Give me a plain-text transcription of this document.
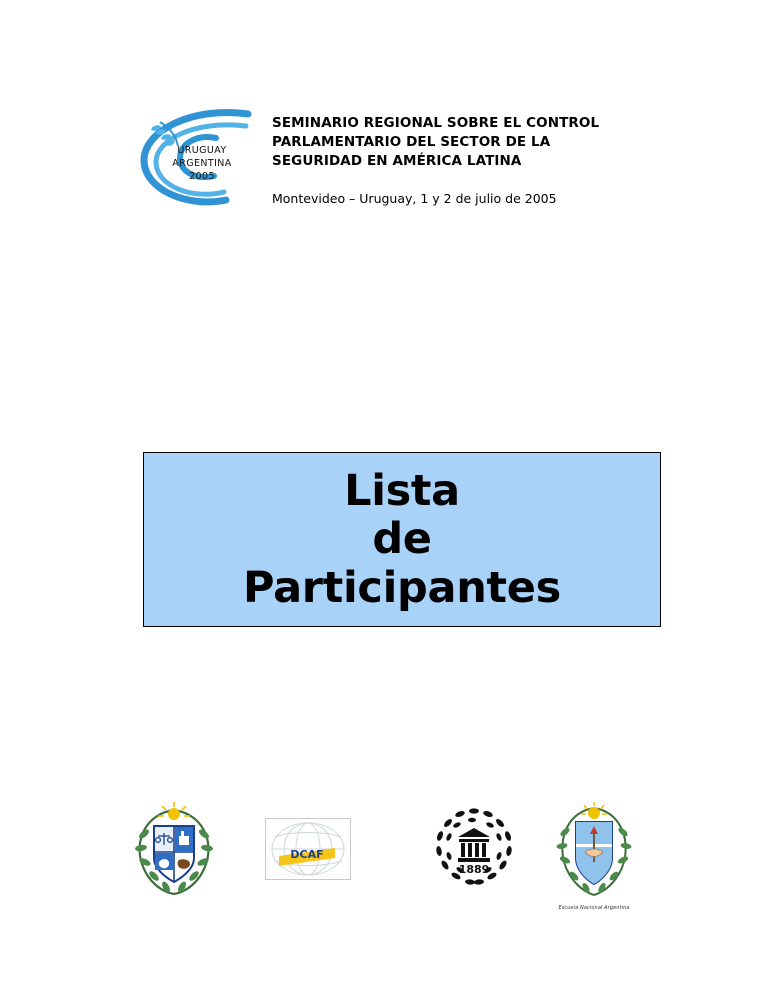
URUGUAY
ARGENTINA
2005
SEMINARIO REGIONAL SOBRE EL CONTROL PARLAMENTARIO DEL SECTOR DE LA SEGURIDAD EN AMÉRICA LATINA
Montevideo – Uruguay, 1 y 2 de julio de 2005
Lista
de
Participantes
DCAF
1889
Escuela Nacional Argentina
